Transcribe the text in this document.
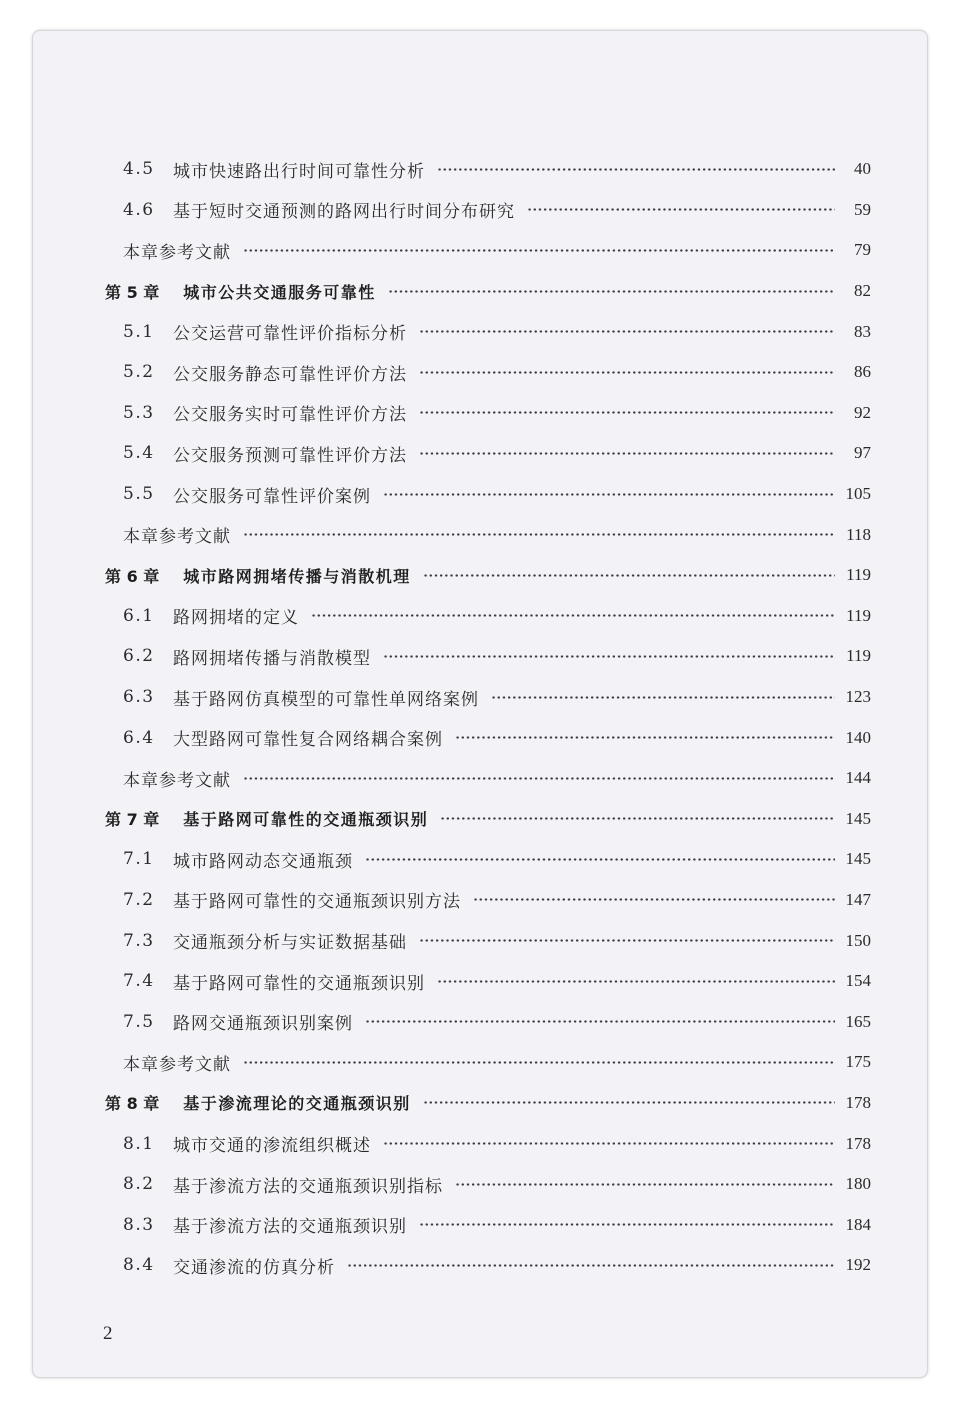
4.5	城市快速路出行时间可靠性分析	40
4.6	基于短时交通预测的路网出行时间分布研究	59
本章参考文献	79
第 5 章 城市公共交通服务可靠性	82
5.1	公交运营可靠性评价指标分析	83
5.2	公交服务静态可靠性评价方法	86
5.3	公交服务实时可靠性评价方法	92
5.4	公交服务预测可靠性评价方法	97
5.5	公交服务可靠性评价案例	105
本章参考文献	118
第 6 章 城市路网拥堵传播与消散机理	119
6.1	路网拥堵的定义	119
6.2	路网拥堵传播与消散模型	119
6.3	基于路网仿真模型的可靠性单网络案例	123
6.4	大型路网可靠性复合网络耦合案例	140
本章参考文献	144
第 7 章 基于路网可靠性的交通瓶颈识别	145
7.1	城市路网动态交通瓶颈	145
7.2	基于路网可靠性的交通瓶颈识别方法	147
7.3	交通瓶颈分析与实证数据基础	150
7.4	基于路网可靠性的交通瓶颈识别	154
7.5	路网交通瓶颈识别案例	165
本章参考文献	175
第 8 章 基于渗流理论的交通瓶颈识别	178
8.1	城市交通的渗流组织概述	178
8.2	基于渗流方法的交通瓶颈识别指标	180
8.3	基于渗流方法的交通瓶颈识别	184
8.4	交通渗流的仿真分析	192
2
